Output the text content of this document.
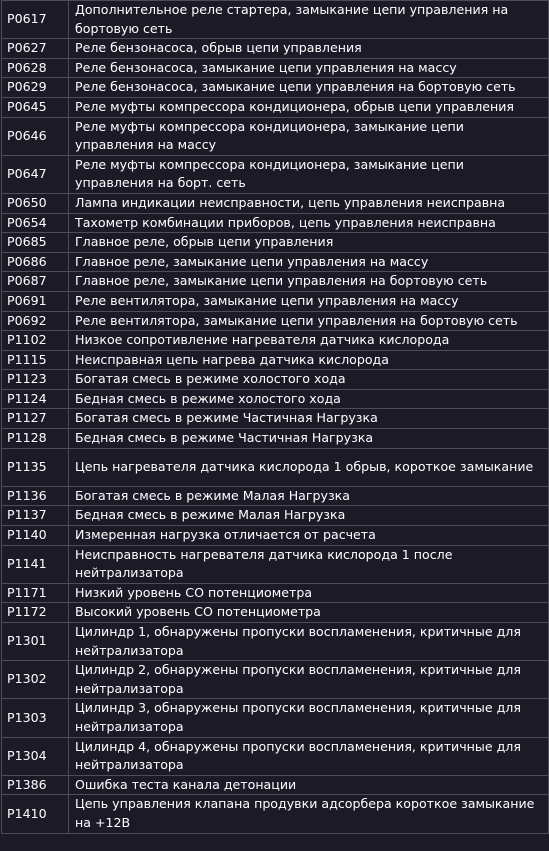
P0617	Дополнительное реле стартера, замыкание цепи управления на бортовую сеть
P0627	Реле бензонасоса, обрыв цепи управления
P0628	Реле бензонасоса, замыкание цепи управления на массу
P0629	Реле бензонасоса, замыкание цепи управления на бортовую сеть
P0645	Реле муфты компрессора кондиционера, обрыв цепи управления
P0646	Реле муфты компрессора кондиционера, замыкание цепи управления на массу
P0647	Реле муфты компрессора кондиционера, замыкание цепи управления на борт. сеть
P0650	Лампа индикации неисправности, цепь управления неисправна
P0654	Тахометр комбинации приборов, цепь управления неисправна
P0685	Главное реле, обрыв цепи управления
P0686	Главное реле, замыкание цепи управления на массу
P0687	Главное реле, замыкание цепи управления на бортовую сеть
P0691	Реле вентилятора, замыкание цепи управления на массу
P0692	Реле вентилятора, замыкание цепи управления на бортовую сеть
P1102	Низкое сопротивление нагревателя датчика кислорода
P1115	Неисправная цепь нагрева датчика кислорода
P1123	Богатая смесь в режиме холостого хода
P1124	Бедная смесь в режиме холостого хода
P1127	Богатая смесь в режиме Частичная Нагрузка
P1128	Бедная смесь в режиме Частичная Нагрузка
P1135	Цепь нагревателя датчика кислорода 1 обрыв, короткое замыкание
P1136	Богатая смесь в режиме Малая Нагрузка
P1137	Бедная смесь в режиме Малая Нагрузка
P1140	Измеренная нагрузка отличается от расчета
P1141	Неисправность нагревателя датчика кислорода 1 после нейтрализатора
P1171	Низкий уровень СО потенциометра
P1172	Высокий уровень СО потенциометра
P1301	Цилиндр 1, обнаружены пропуски воспламенения, критичные для нейтрализатора
P1302	Цилиндр 2, обнаружены пропуски воспламенения, критичные для нейтрализатора
P1303	Цилиндр 3, обнаружены пропуски воспламенения, критичные для нейтрализатора
P1304	Цилиндр 4, обнаружены пропуски воспламенения, критичные для нейтрализатора
P1386	Ошибка теста канала детонации
P1410	Цепь управления клапана продувки адсорбера короткое замыкание на +12В
